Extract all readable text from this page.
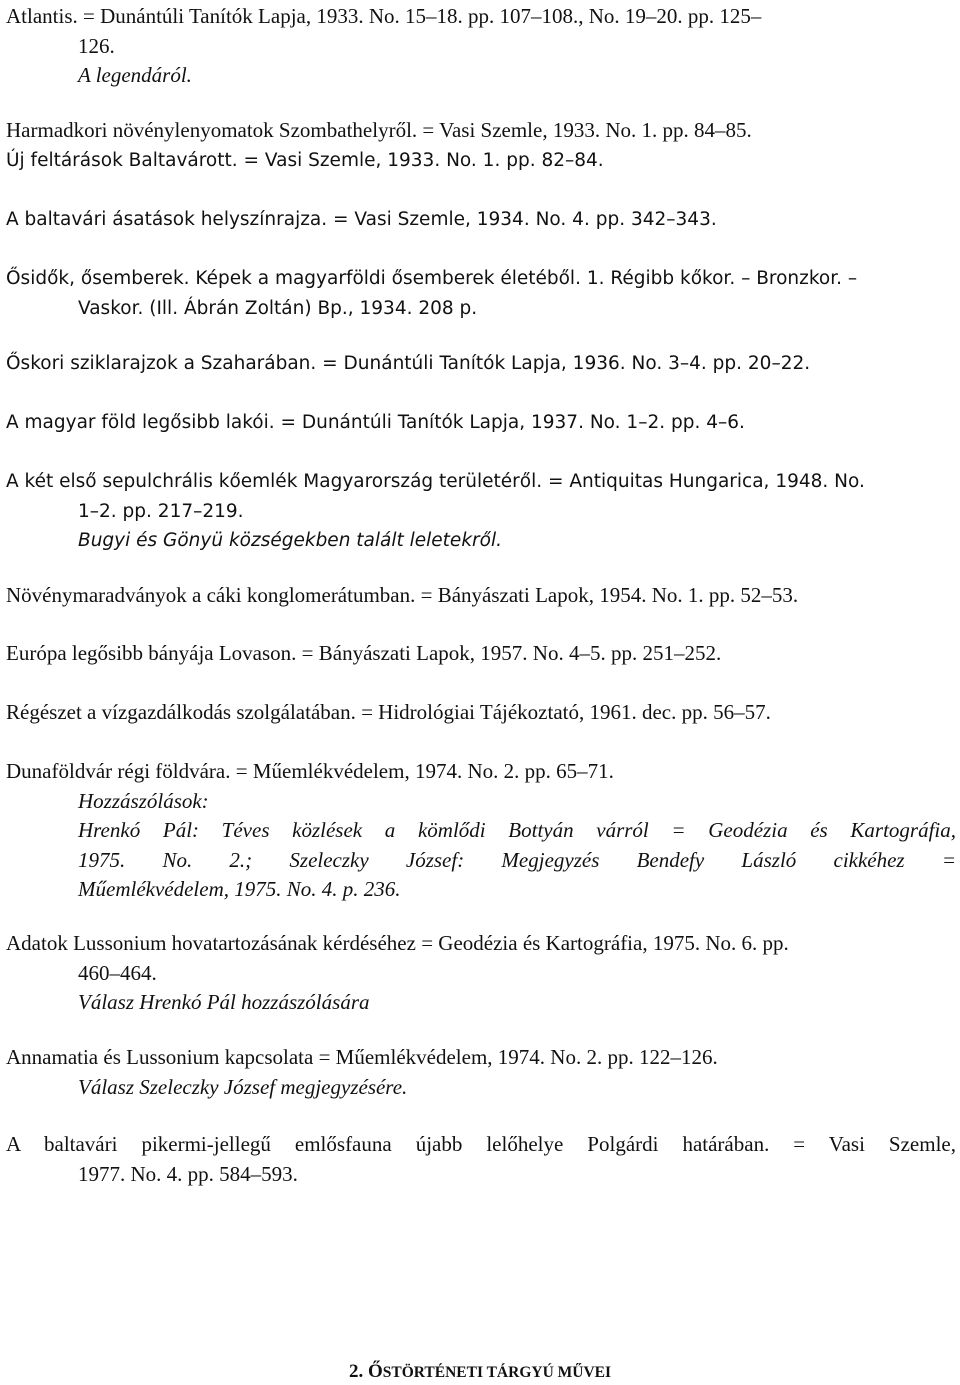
Atlantis. = Dunántúli Tanítók Lapja, 1933. No. 15–18. pp. 107–108., No. 19–20. pp. 125–
126.
A legendáról.
Harmadkori növénylenyomatok Szombathelyről. = Vasi Szemle, 1933. No. 1. pp. 84–85.
Új feltárások Baltavárott. = Vasi Szemle, 1933. No. 1. pp. 82–84.
A baltavári ásatások helyszínrajza. = Vasi Szemle, 1934. No. 4. pp. 342–343.
Ősidők, ősemberek. Képek a magyarföldi ősemberek életéből. 1. Régibb kőkor. – Bronzkor. –
Vaskor. (Ill. Ábrán Zoltán) Bp., 1934. 208 p.
Őskori sziklarajzok a Szaharában. = Dunántúli Tanítók Lapja, 1936. No. 3–4. pp. 20–22.
A magyar föld legősibb lakói. = Dunántúli Tanítók Lapja, 1937. No. 1–2. pp. 4–6.
A két első sepulchrális kőemlék Magyarország területéről. = Antiquitas Hungarica, 1948. No.
1–2. pp. 217–219.
Bugyi és Gönyü községekben talált leletekről.
Növénymaradványok a cáki konglomerátumban. = Bányászati Lapok, 1954. No. 1. pp. 52–53.
Európa legősibb bányája Lovason. = Bányászati Lapok, 1957. No. 4–5. pp. 251–252.
Régészet a vízgazdálkodás szolgálatában. = Hidrológiai Tájékoztató, 1961. dec. pp. 56–57.
Dunaföldvár régi földvára. = Műemlékvédelem, 1974. No. 2. pp. 65–71.
Hozzászólások:
Hrenkó Pál: Téves közlések a kömlődi Bottyán várról = Geodézia és Kartográfia,
1975. No. 2.; Szeleczky József: Megjegyzés Bendefy László cikkéhez =
Műemlékvédelem, 1975. No. 4. p. 236.
Adatok Lussonium hovatartozásának kérdéséhez = Geodézia és Kartográfia, 1975. No. 6. pp.
460–464.
Válasz Hrenkó Pál hozzászólására
Annamatia és Lussonium kapcsolata = Műemlékvédelem, 1974. No. 2. pp. 122–126.
Válasz Szeleczky József megjegyzésére.
A baltavári pikermi-jellegű emlősfauna újabb lelőhelye Polgárdi határában. = Vasi Szemle,
1977. No. 4. pp. 584–593.
2. ŐSTÖRTÉNETI TÁRGYÚ MŰVEI
